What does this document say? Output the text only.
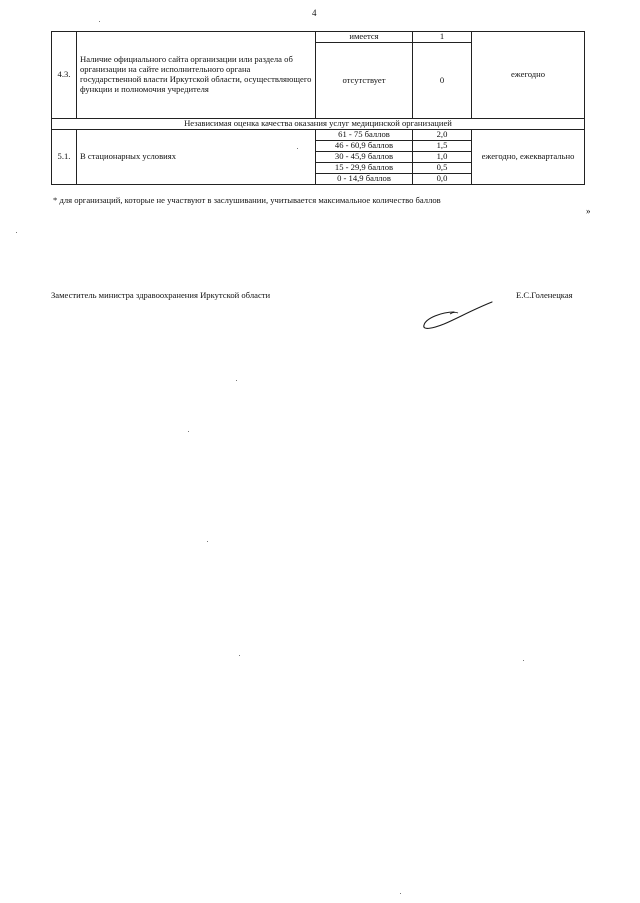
4
4.3.	Наличие официального сайта организации или раздела об организации на сайте исполнительного органа государственной власти Иркутской области, осуществляющего функции и полномочия учредителя	имеется	1	ежегодно
		отсутствует	0	
Независимая оценка качества оказания услуг медицинской организацией				
5.1.	В стационарных условиях	61 - 75 баллов	2,0	ежегодно, ежеквартально
		46 - 60,9 баллов	1,5	
		30 - 45,9 баллов	1,0	
		15 - 29,9 баллов	0,5	
		0 - 14,9 баллов	0,0	
* для организаций, которые не участвуют в заслушивании, учитывается максимальное количество баллов
»
Заместитель министра здравоохранения Иркутской области	Е.С.Голенецкая
